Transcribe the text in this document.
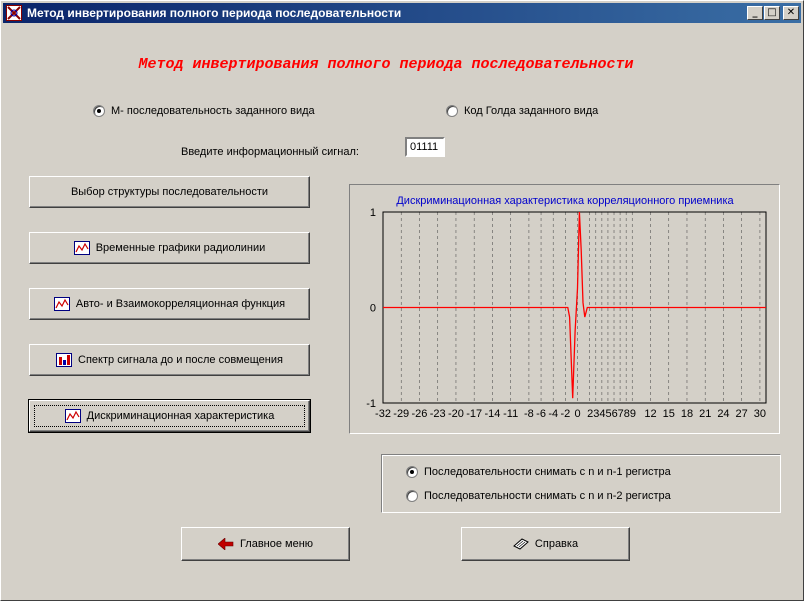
Метод инвертирования полного периода последовательности	_ □	✕
Метод инвертирования полного периода последовательности
М- последовательность заданного вида	Код Голда заданного вида
Введите информационный сигнал:	01111
Выбор структуры последовательности
Временные графики радиолинии
Авто- и Взаимокорреляционная функция
Спектр сигнала до и после совмещения
Дискриминационная характеристика
Дискриминационная характеристика корреляционного приемника
1
0
-1
-32 -29 -26 -23 -20 -17 -14 -11 -8 -6 -4 -2 0 23456789 12 15 18 21 24 27 30
Последовательности снимать с n и n-1 регистра
Последовательности снимать с n и n-2 регистра
Главное меню	Справка
